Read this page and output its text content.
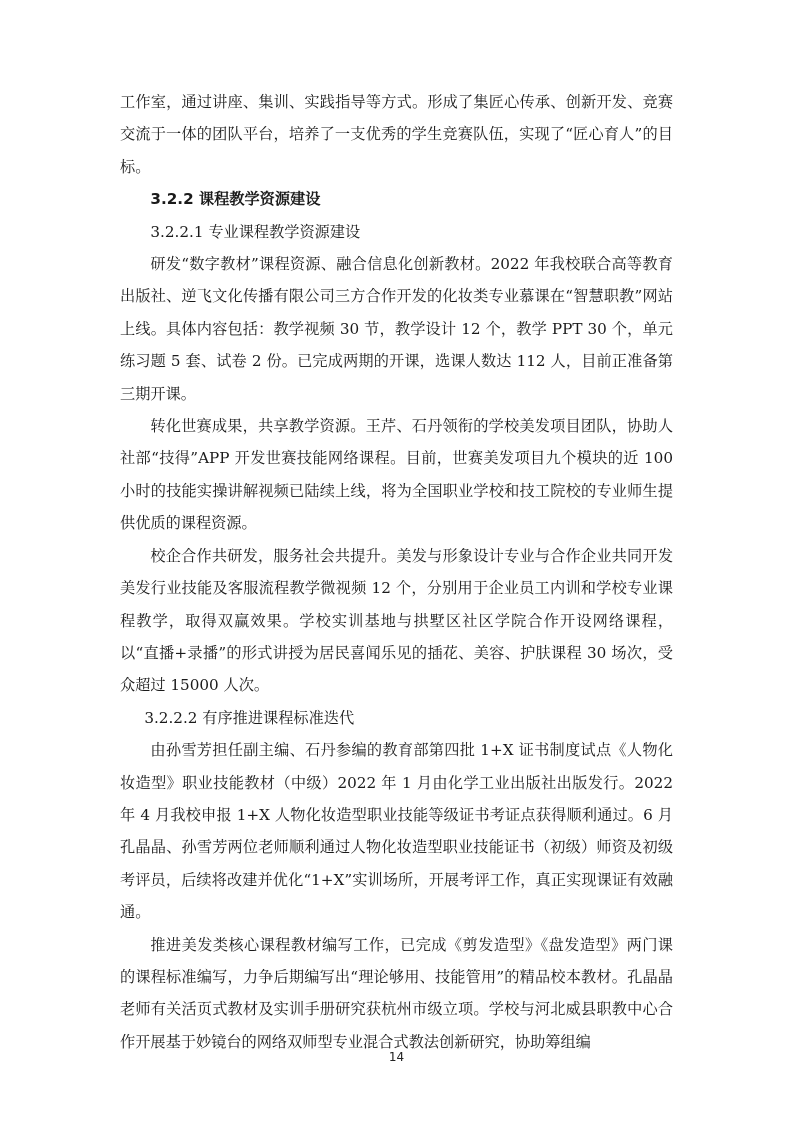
工作室，通过讲座、集训、实践指导等方式。形成了集匠心传承、创新开发、竞赛交流于一体的团队平台，培养了一支优秀的学生竞赛队伍，实现了“匠心育人”的目标。

3.2.2 课程教学资源建设

3.2.2.1 专业课程教学资源建设

研发“数字教材”课程资源、融合信息化创新教材。2022 年我校联合高等教育出版社、逆飞文化传播有限公司三方合作开发的化妆类专业慕课在“智慧职教”网站上线。具体内容包括：教学视频 30 节，教学设计 12 个，教学 PPT 30 个，单元练习题 5 套、试卷 2 份。已完成两期的开课，选课人数达 112 人，目前正准备第三期开课。

转化世赛成果，共享教学资源。王芹、石丹领衔的学校美发项目团队，协助人社部“技得”APP 开发世赛技能网络课程。目前，世赛美发项目九个模块的近 100 小时的技能实操讲解视频已陆续上线，将为全国职业学校和技工院校的专业师生提供优质的课程资源。

校企合作共研发，服务社会共提升。美发与形象设计专业与合作企业共同开发美发行业技能及客服流程教学微视频 12 个，分别用于企业员工内训和学校专业课程教学，取得双赢效果。学校实训基地与拱墅区社区学院合作开设网络课程，以“直播+录播”的形式讲授为居民喜闻乐见的插花、美容、护肤课程 30 场次，受众超过 15000 人次。

3.2.2.2 有序推进课程标准迭代

由孙雪芳担任副主编、石丹参编的教育部第四批 1+X 证书制度试点《人物化妆造型》职业技能教材（中级）2022 年 1 月由化学工业出版社出版发行。2022 年 4 月我校申报 1+X 人物化妆造型职业技能等级证书考证点获得顺利通过。6 月孔晶晶、孙雪芳两位老师顺利通过人物化妆造型职业技能证书（初级）师资及初级考评员，后续将改建并优化“1+X”实训场所，开展考评工作，真正实现课证有效融通。

推进美发类核心课程教材编写工作，已完成《剪发造型》《盘发造型》两门课的课程标准编写，力争后期编写出“理论够用、技能管用”的精品校本教材。孔晶晶老师有关活页式教材及实训手册研究获杭州市级立项。学校与河北威县职教中心合作开展基于妙镜台的网络双师型专业混合式教法创新研究，协助筹组编

14
